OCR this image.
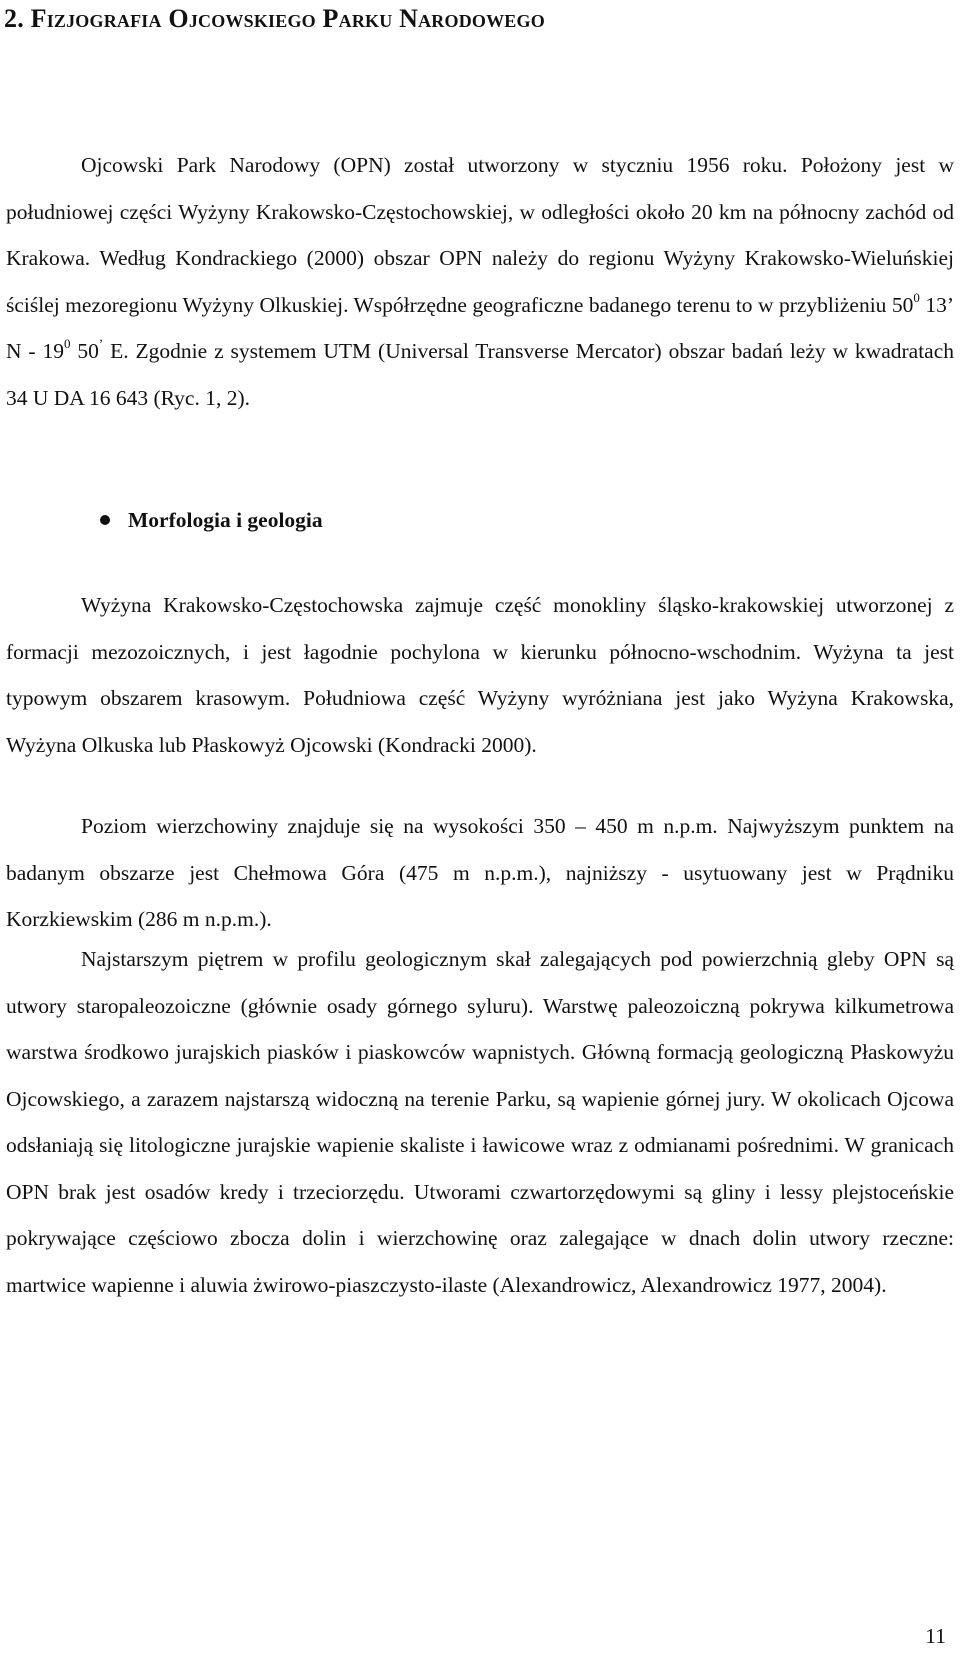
2. Fizjografia Ojcowskiego Parku Narodowego

Ojcowski Park Narodowy (OPN) został utworzony w styczniu 1956 roku. Położony jest w południowej części Wyżyny Krakowsko-Częstochowskiej, w odległości około 20 km na północny zachód od Krakowa. Według Kondrackiego (2000) obszar OPN należy do regionu Wyżyny Krakowsko-Wieluńskiej ściślej mezoregionu Wyżyny Olkuskiej. Współrzędne geograficzne badanego terenu to w przybliżeniu $50^0$ 13’ N - $19^0$ 50’ E. Zgodnie z systemem UTM (Universal Transverse Mercator) obszar badań leży w kwadratach 34 U DA 16 643 (Ryc. 1, 2).

Morfologia i geologia

Wyżyna Krakowsko-Częstochowska zajmuje część monokliny śląsko-krakowskiej utworzonej z formacji mezozoicznych, i jest łagodnie pochylona w kierunku północno-wschodnim. Wyżyna ta jest typowym obszarem krasowym. Południowa część Wyżyny wyróżniana jest jako Wyżyna Krakowska, Wyżyna Olkuska lub Płaskowyż Ojcowski (Kondracki 2000).

Poziom wierzchowiny znajduje się na wysokości 350 – 450 m n.p.m. Najwyższym punktem na badanym obszarze jest Chełmowa Góra (475 m n.p.m.), najniższy - usytuowany jest w Prądniku Korzkiewskim (286 m n.p.m.).

Najstarszym piętrem w profilu geologicznym skał zalegających pod powierzchnią gleby OPN są utwory staropaleozoiczne (głównie osady górnego syluru). Warstwę paleozoiczną pokrywa kilkumetrowa warstwa środkowo jurajskich piasków i piaskowców wapnistych. Główną formacją geologiczną Płaskowyżu Ojcowskiego, a zarazem najstarszą widoczną na terenie Parku, są wapienie górnej jury. W okolicach Ojcowa odsłaniają się litologiczne jurajskie wapienie skaliste i ławicowe wraz z odmianami pośrednimi. W granicach OPN brak jest osadów kredy i trzeciorzędu. Utworami czwartorzędowymi są gliny i lessy plejstoceńskie pokrywające częściowo zbocza dolin i wierzchowinę oraz zalegające w dnach dolin utwory rzeczne: martwice wapienne i aluwia żwirowo-piaszczysto-ilaste (Alexandrowicz, Alexandrowicz 1977, 2004).

11
